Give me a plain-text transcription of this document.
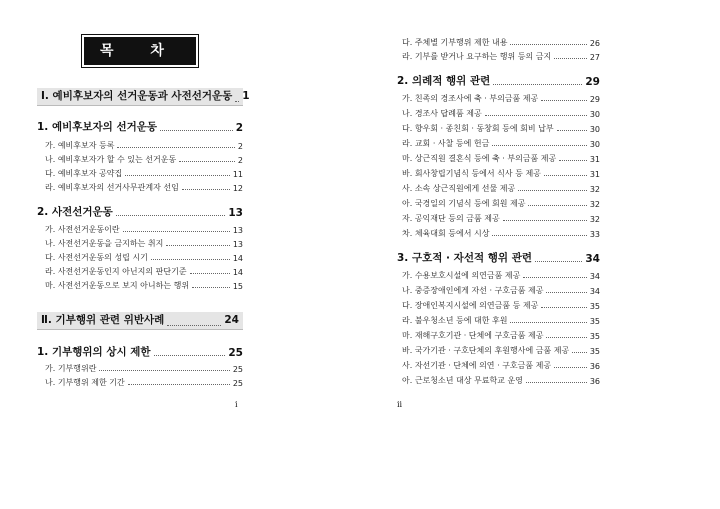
목 차
Ⅰ. 예비후보자의 선거운동과 사전선거운동 1
1. 예비후보자의 선거운동	2
가. 예비후보자 등록	2
나. 예비후보자가 할 수 있는 선거운동	2
다. 예비후보자 공약집	11
라. 예비후보자의 선거사무관계자 선임	12
2. 사전선거운동	13
가. 사전선거운동이란	13
나. 사전선거운동을 금지하는 취지	13
다. 사전선거운동의 성립 시기	14
라. 사전선거운동인지 아닌지의 판단기준	14
마. 사전선거운동으로 보지 아니하는 행위	15
Ⅱ. 기부행위 관련 위반사례	24
1. 기부행위의 상시 제한	25
가. 기부행위란	25
나. 기부행위 제한 기간	25
i
다. 주체별 기부행위 제한 내용	26
라. 기부를 받거나 요구하는 행위 등의 금지	27
2. 의례적 행위 관련	29
가. 친족의 경조사에 축 · 부의금품 제공	29
나. 경조사 답례품 제공	30
다. 향우회 · 종친회 · 동창회 등에 회비 납부	30
라. 교회 · 사찰 등에 헌금	30
마. 상근직원 결혼식 등에 축 · 부의금품 제공	31
바. 회사창립기념식 등에서 식사 등 제공	31
사. 소속 상근직원에게 선물 제공	32
아. 국경일의 기념식 등에 회원 제공	32
자. 공익재단 등의 금품 제공	32
차. 체육대회 등에서 시상	33
3. 구호적 · 자선적 행위 관련	34
가. 수용보호시설에 의연금품 제공	34
나. 중증장애인에게 자선 · 구호금품 제공	34
다. 장애인복지시설에 의연금품 등 제공	35
라. 불우청소년 등에 대한 후원	35
마. 재해구호기관 · 단체에 구호금품 제공	35
바. 국가기관 · 구호단체의 후원행사에 금품 제공	35
사. 자선기관 · 단체에 의연 · 구호금품 제공	36
아. 근로청소년 대상 무료학교 운영	36
ii
